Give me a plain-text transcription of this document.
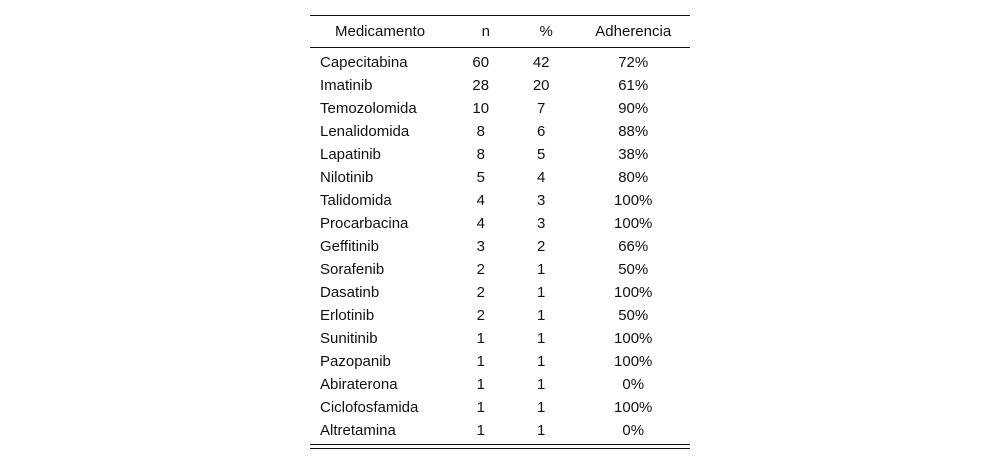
Medicamento	n	%	Adherencia
Capecitabina	60	42	72%
Imatinib	28	20	61%
Temozolomida	10	7	90%
Lenalidomida	8	6	88%
Lapatinib	8	5	38%
Nilotinib	5	4	80%
Talidomida	4	3	100%
Procarbacina	4	3	100%
Geffitinib	3	2	66%
Sorafenib	2	1	50%
Dasatinb	2	1	100%
Erlotinib	2	1	50%
Sunitinib	1	1	100%
Pazopanib	1	1	100%
Abiraterona	1	1	0%
Ciclofosfamida	1	1	100%
Altretamina	1	1	0%
